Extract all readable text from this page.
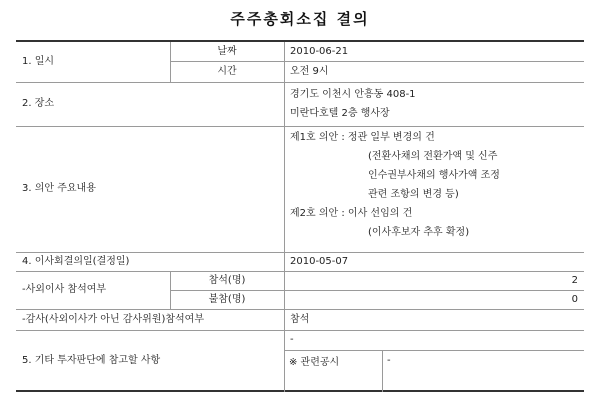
주주총회소집 결의
1. 일시
날짜	2010-06-21
시간	오전 9시
2. 장소
경기도 이천시 안흥동 408-1
미란다호텔 2층 행사장
3. 의안 주요내용
제1호 의안 : 정관 일부 변경의 건
(전환사채의 전환가액 및 신주
인수권부사채의 행사가액 조정
관련 조항의 변경 등)
제2호 의안 : 이사 선임의 건
(이사후보자 추후 확정)
4. 이사회결의일(결정일)	2010-05-07
-사외이사 참석여부
참석(명)	2
불참(명)	0
-감사(사외이사가 아닌 감사위원)참석여부	참석
5. 기타 투자판단에 참고할 사항
-
※ 관련공시	-
